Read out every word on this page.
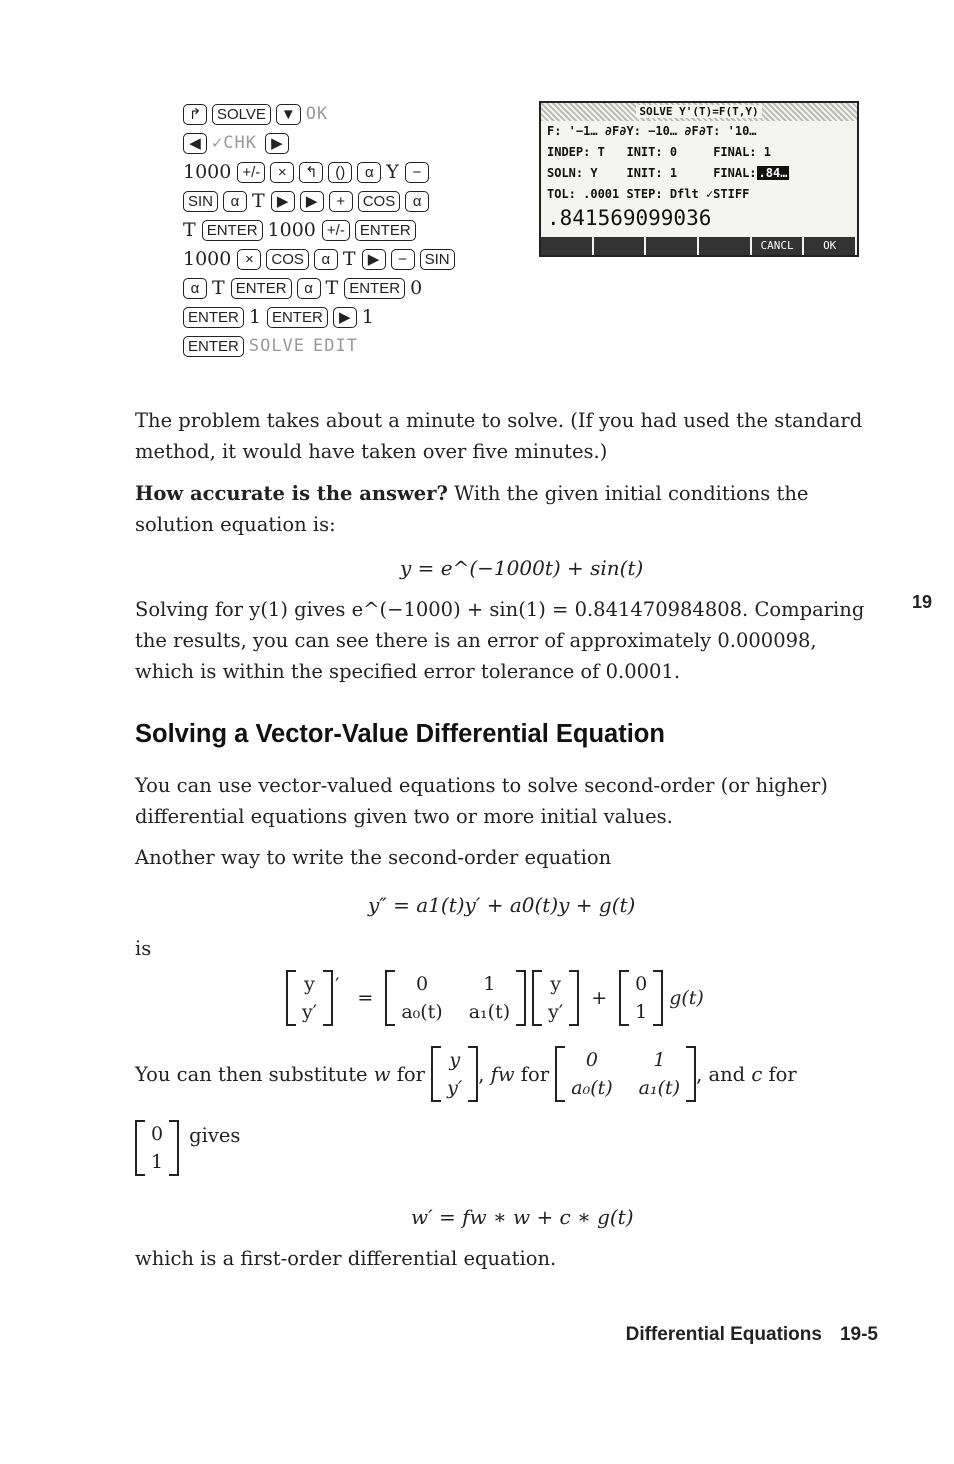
↱	SOLVE	▼ OK
◀ ✓CHK ▶
1000 +/-	×	↰	()	α Y −
SIN	α T ▶	▶	+	COS	α
T ENTER 1000 +/-	ENTER
1000 ×	COS	α T ▶	−	SIN
α T ENTER	α T ENTER 0
ENTER 1 ENTER	▶ 1
ENTER SOLVE EDIT
SOLVE Y'(T)=F(T,Y)
F: '−1… ∂F∂Y: −10… ∂F∂T: '10…
INDEP: T INIT: 0	FINAL: 1
SOLN: Y INIT: 1	FINAL: .84…
TOL: .0001 STEP: Dflt ✓STIFF
.841569099036
CANCL	OK

The problem takes about a minute to solve. (If you had used the standard method, it would have taken over five minutes.)

How accurate is the answer? With the given initial conditions the solution equation is:

y = e^(−1000t) + sin(t)

Solving for y(1) gives e^(−1000) + sin(1) = 0.841470984808. Comparing the results, you can see there is an error of approximately 0.000098, which is within the specified error tolerance of 0.0001.

19
Solving a Vector-Value Differential Equation

You can use vector-valued equations to solve second-order (or higher) differential equations given two or more initial values.

Another way to write the second-order equation

y″ = a1(t)y′ + a0(t)y + g(t)

is

y
y′
′
=
0	1
a₀(t) a₁(t)
y
y′
+
0
1
g(t)
You can then substitute
w
for

y
y′
, fw
for

0	1
a₀(t) a₁(t)
, and
c
for
0
1
gives
w′ = fw ∗ w + c ∗ g(t)

which is a first-order differential equation.

Differential Equations 19-5
